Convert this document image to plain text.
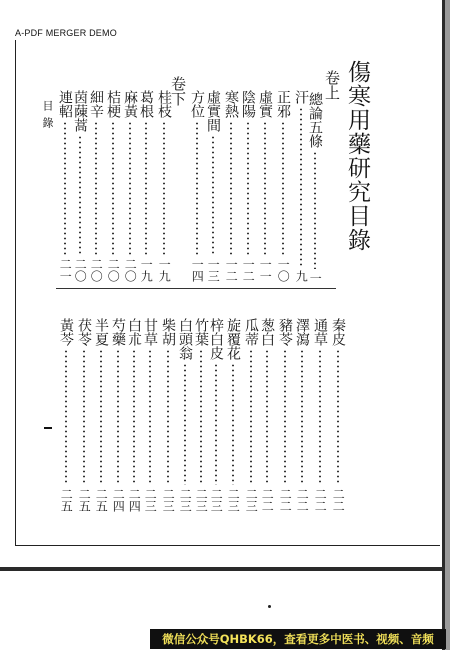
A-PDF MERGER DEMO
傷寒用藥研究目錄
目錄
卷上
卷下
總論五條
一
汗
九
正邪
一〇
虛實
一一
陰陽
一二
寒熱
一二
虛實間
一三
方位
一四
桂枝
一九
葛根
一九
麻黃
二〇
桔梗
二〇
細辛
二〇
茵蔯蒿
二〇
連軺
二一
秦皮
二二
通草
二二
澤瀉
二二
豬苓
二二
葱白
二二
瓜蒂
二三
旋覆花
二三
梓白皮
二三
竹葉
二三
白頭翁
二三
柴胡
二三
甘草
二三
白朮
二四
芍藥
二四
半夏
二五
茯苓
二五
黃芩
二五
微信公众号QHBK66，查看更多中医书、视频、音频
